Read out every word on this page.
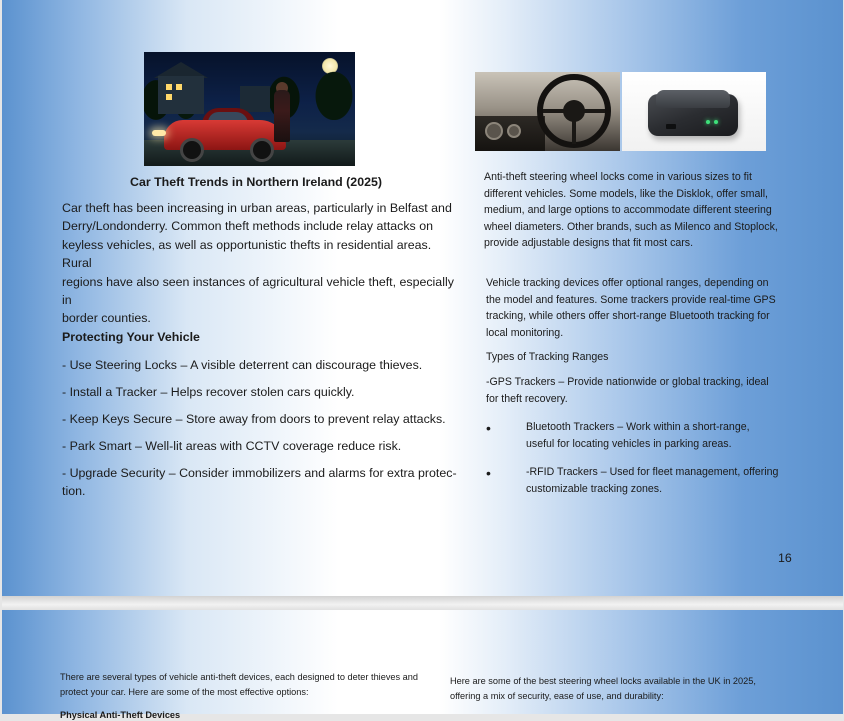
Car Theft Trends in Northern Ireland (2025)
Car theft has been increasing in urban areas, particularly in Belfast and
Derry/Londonderry. Common theft methods include relay attacks on
keyless vehicles, as well as opportunistic thefts in residential areas. Rural
regions have also seen instances of agricultural vehicle theft, especially in
border counties.
Protecting Your Vehicle
- Use Steering Locks – A visible deterrent can discourage thieves.
- Install a Tracker – Helps recover stolen cars quickly.
- Keep Keys Secure – Store away from doors to prevent relay attacks.
- Park Smart – Well-lit areas with CCTV coverage reduce risk.
- Upgrade Security – Consider immobilizers and alarms for extra protec-
tion.
Anti-theft steering wheel locks come in various sizes to fit
different vehicles. Some models, like the Disklok, offer small,
medium, and large options to accommodate different steering
wheel diameters. Other brands, such as Milenco and Stoplock,
provide adjustable designs that fit most cars.
Vehicle tracking devices offer optional ranges, depending on
the model and features. Some trackers provide real-time GPS
tracking, while others offer short-range Bluetooth tracking for
local monitoring.
Types of Tracking Ranges
-GPS Trackers – Provide nationwide or global tracking, ideal
for theft recovery.
•	Bluetooth Trackers – Work within a short-range,
useful for locating vehicles in parking areas.
•	-RFID Trackers – Used for fleet management, offering
customizable tracking zones.
16
There are several types of vehicle anti-theft devices, each designed to deter thieves and
protect your car. Here are some of the most effective options:
Physical Anti-Theft Devices
Here are some of the best steering wheel locks available in the UK in 2025,
offering a mix of security, ease of use, and durability:
